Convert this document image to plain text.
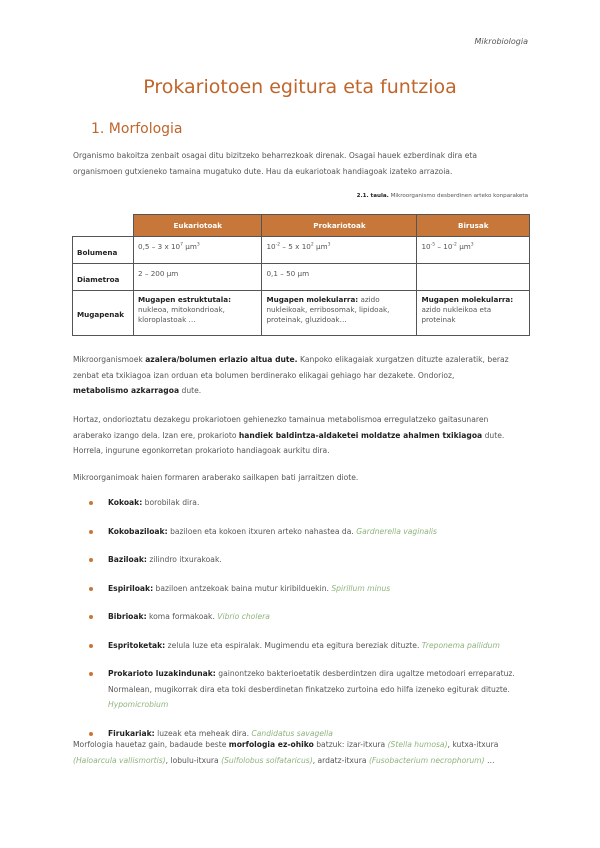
Mikrobiologia
Prokariotoen egitura eta funtzioa
1. Morfologia
Organismo bakoitza zenbait osagai ditu bizitzeko beharrezkoak direnak. Osagai hauek ezberdinak dira eta
organismoen gutxieneko tamaina mugatuko dute. Hau da eukariotoak handiagoak izateko arrazoia.
2.1. taula. Mikroorganismo desberdinen arteko konparaketa
	Eukariotoak	Prokariotoak	Birusak
Bolumena	0,5 – 3 x $10^7$ $\mu m^3$	$10^{-2} - 5$ x $10^2$ $\mu m^3$	$10^{-5} - 10^{-2}$ $\mu m^3$
Diametroa	2 – 200 μm	0,1 – 50 μm	
Mugapenak	Mugapen estruktutala: nukleoa, mitokondrioak, kloroplastoak …	Mugapen molekularra: azido nukleikoak, erribosomak, lipidoak, proteinak, gluzidoak…	Mugapen molekularra: azido nukleikoa eta proteinak
Mikroorganismoek azalera/bolumen erlazio altua dute. Kanpoko elikagaiak xurgatzen dituzte azaleratik, beraz
zenbat eta txikiagoa izan orduan eta bolumen berdinerako elikagai gehiago har dezakete. Ondorioz,
metabolismo azkarragoa dute.
Hortaz, ondorioztatu dezakegu prokariotoen gehienezko tamainua metabolismoa erregulatzeko gaitasunaren
araberako izango dela. Izan ere, prokarioto handiek baldintza-aldaketei moldatze ahalmen txikiagoa dute.
Horrela, ingurune egonkorretan prokarioto handiagoak aurkitu dira.
Mikroorganimoak haien formaren araberako sailkapen bati jarraitzen diote.
Kokoak: borobilak dira.
Kokobaziloak: baziloen eta kokoen itxuren arteko nahastea da. Gardnerella vaginalis
Baziloak: zilindro itxurakoak.
Espiriloak: baziloen antzekoak baina mutur kiribilduekin. Spirillum minus
Bibrioak: koma formakoak. Vibrio cholera
Espritoketak: zelula luze eta espiralak. Mugimendu eta egitura bereziak dituzte. Treponema pallidum
Prokarioto luzakindunak: gainontzeko bakterioetatik desberdintzen dira ugaltze metodoari erreparatuz. Normalean, mugikorrak dira eta toki desberdinetan finkatzeko zurtoina edo hilfa izeneko egiturak dituzte. Hypomicrobium
Firukariak: luzeak eta meheak dira. Candidatus savagella
Morfologia hauetaz gain, badaude beste morfologia ez-ohiko batzuk: izar-itxura (Stella humosa), kutxa-itxura
(Haloarcula vallismortis), lobulu-itxura (Sulfolobus solfataricus), ardatz-itxura (Fusobacterium necrophorum) …
